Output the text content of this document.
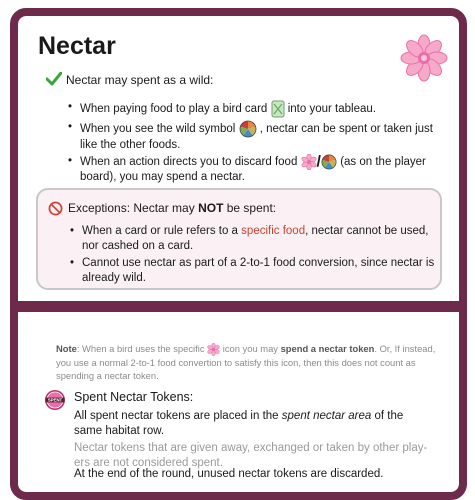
Nectar
Nectar may spent as a wild:
• When paying food to play a bird card into your tableau.
• When you see the wild symbol , nectar can be spent or taken just
like the other foods.
• When an action directs you to discard food / (as on the player
board), you may spend a nectar.
Exceptions: Nectar may NOT be spent:
• When a card or rule refers to a specific food, nectar cannot be used,
nor cashed on a card.
• Cannot use nectar as part of a 2-to-1 food conversion, since nectar is
already wild.
Note: When a bird uses the specific icon you may spend a nectar token. Or, If instead, you use a normal 2-to-1 food convertion to satisfy this icon, then this does not count as spending a nectar token.
SPENT Spent Nectar Tokens:
All spent nectar tokens are placed in the spent nectar area of the
same habitat row.
Nectar tokens that are given away, exchanged or taken by other play-
ers are not considered spent.
At the end of the round, unused nectar tokens are discarded.
